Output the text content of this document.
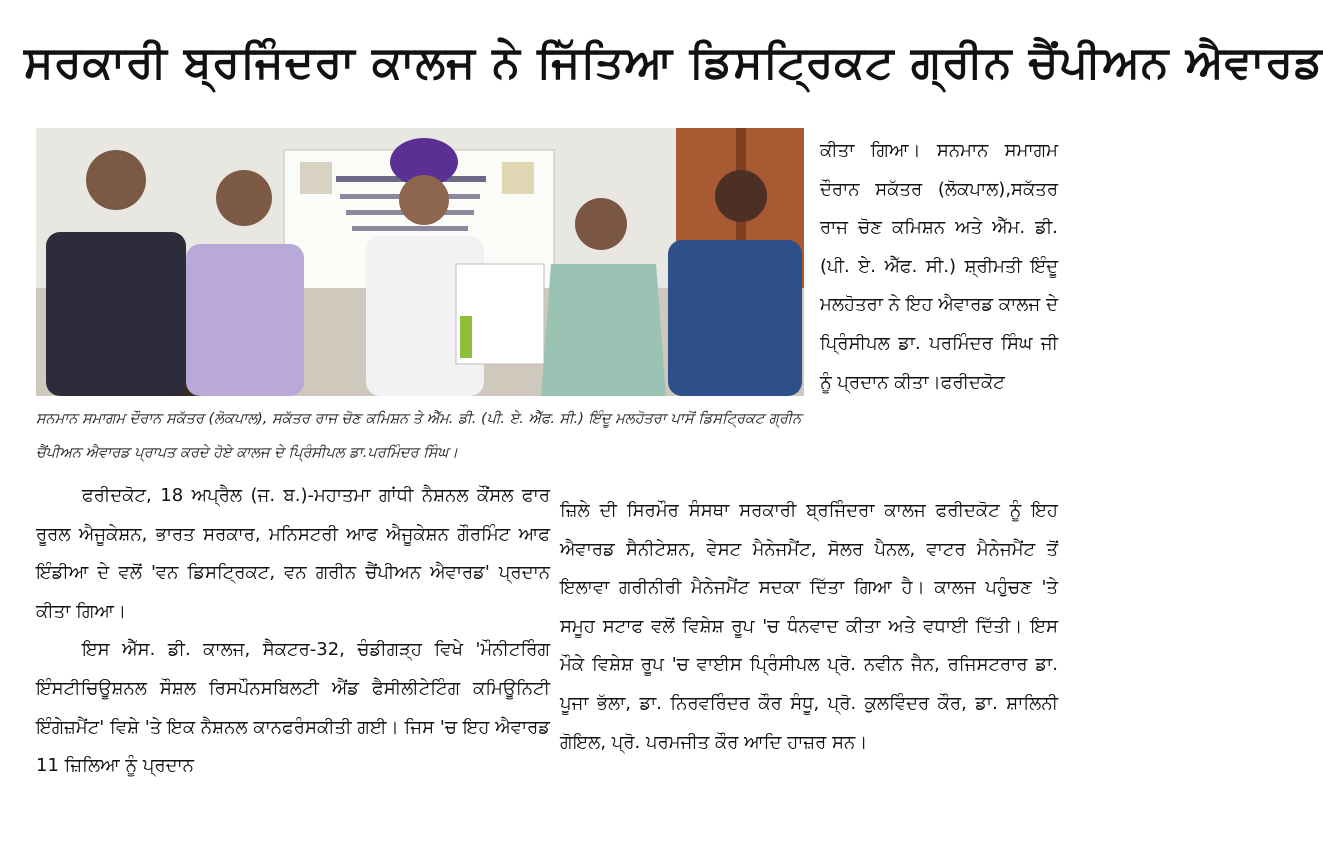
ਸਰਕਾਰੀ ਬ੍ਰਜਿੰਦਰਾ ਕਾਲਜ ਨੇ ਜਿੱਤਿਆ ਡਿਸਟ੍ਰਿਕਟ ਗ੍ਰੀਨ ਚੈਂਪੀਅਨ ਐਵਾਰਡ
ਸਨਮਾਨ ਸਮਾਗਮ ਦੌਰਾਨ ਸਕੱਤਰ (ਲੋਕਪਾਲ), ਸਕੱਤਰ ਰਾਜ ਚੋਣ ਕਮਿਸ਼ਨ ਤੇ ਐੱਮ. ਡੀ. (ਪੀ. ਏ. ਐੱਫ. ਸੀ.) ਇੰਦੂ ਮਲਹੋਤਰਾ ਪਾਸੋਂ ਡਿਸਟ੍ਰਿਕਟ ਗ੍ਰੀਨ ਚੈਂਪੀਅਨ ਐਵਾਰਡ ਪ੍ਰਾਪਤ ਕਰਦੇ ਹੋਏ ਕਾਲਜ ਦੇ ਪ੍ਰਿੰਸੀਪਲ ਡਾ.ਪਰਮਿੰਦਰ ਸਿੰਘ।

ਕੀਤਾ ਗਿਆ। ਸਨਮਾਨ ਸਮਾਗਮ ਦੌਰਾਨ ਸਕੱਤਰ (ਲੋਕਪਾਲ),ਸਕੱਤਰ ਰਾਜ ਚੋਣ ਕਮਿਸ਼ਨ ਅਤੇ ਐੱਮ. ਡੀ. (ਪੀ. ਏ. ਐੱਫ. ਸੀ.) ਸ਼੍ਰੀਮਤੀ ਇੰਦੂ ਮਲਹੋਤਰਾ ਨੇ ਇਹ ਐਵਾਰਡ ਕਾਲਜ ਦੇ ਪ੍ਰਿੰਸੀਪਲ ਡਾ. ਪਰਮਿੰਦਰ ਸਿੰਘ ਜੀ ਨੂੰ ਪ੍ਰਦਾਨ ਕੀਤਾ।ਫਰੀਦਕੋਟ

ਫਰੀਦਕੋਟ, 18 ਅਪ੍ਰੈਲ (ਜ. ਬ.)-ਮਹਾਤਮਾ ਗਾਂਧੀ ਨੈਸ਼ਨਲ ਕੌਂਸਲ ਫਾਰ ਰੂਰਲ ਐਜੂਕੇਸ਼ਨ, ਭਾਰਤ ਸਰਕਾਰ, ਮਨਿਸਟਰੀ ਆਫ ਐਜੂਕੇਸ਼ਨ ਗੌਰਮਿੰਟ ਆਫ ਇੰਡੀਆ ਦੇ ਵਲੋਂ 'ਵਨ ਡਿਸਟ੍ਰਿਕਟ, ਵਨ ਗਰੀਨ ਚੈਂਪੀਅਨ ਐਵਾਰਡ' ਪ੍ਰਦਾਨ ਕੀਤਾ ਗਿਆ।

ਇਸ ਐੱਸ. ਡੀ. ਕਾਲਜ, ਸੈਕਟਰ-32, ਚੰਡੀਗੜ੍ਹ ਵਿਖੇ 'ਮੌਨੀਟਰਿੰਗ ਇੰਸਟੀਚਿਊਸ਼ਨਲ ਸੌਸ਼ਲ ਰਿਸਪੌਨਸਬਿਲਟੀ ਐਂਡ ਫੈਸੀਲੀਟੇਟਿੰਗ ਕਮਿਊਨਿਟੀ ਇੰਗੇਜ਼ਮੈਂਟ' ਵਿਸ਼ੇ 'ਤੇ ਇਕ ਨੈਸ਼ਨਲ ਕਾਨਫਰੰਸਕੀਤੀ ਗਈ। ਜਿਸ 'ਚ ਇਹ ਐਵਾਰਡ 11 ਜ਼ਿਲਿਆ ਨੂੰ ਪ੍ਰਦਾਨ

ਜ਼ਿਲੇ ਦੀ ਸਿਰਮੌਰ ਸੰਸਥਾ ਸਰਕਾਰੀ ਬ੍ਰਜਿੰਦਰਾ ਕਾਲਜ ਫਰੀਦਕੋਟ ਨੂੰ ਇਹ ਐਵਾਰਡ ਸੈਨੀਟੇਸ਼ਨ, ਵੇਸਟ ਮੈਨੇਜਮੈਂਟ, ਸੋਲਰ ਪੈਨਲ, ਵਾਟਰ ਮੈਨੇਜਮੈਂਟ ਤੋਂ ਇਲਾਵਾ ਗਰੀਨੀਰੀ ਮੈਨੇਜਮੈਂਟ ਸਦਕਾ ਦਿੱਤਾ ਗਿਆ ਹੈ। ਕਾਲਜ ਪਹੁੰਚਣ 'ਤੇ ਸਮੂਹ ਸਟਾਫ ਵਲੋਂ ਵਿਸ਼ੇਸ਼ ਰੂਪ 'ਚ ਧੰਨਵਾਦ ਕੀਤਾ ਅਤੇ ਵਧਾਈ ਦਿੱਤੀ। ਇਸ ਮੌਕੇ ਵਿਸ਼ੇਸ਼ ਰੂਪ 'ਚ ਵਾਈਸ ਪ੍ਰਿੰਸੀਪਲ ਪ੍ਰੋ. ਨਵੀਨ ਜੈਨ, ਰਜਿਸਟਰਾਰ ਡਾ. ਪੂਜਾ ਭੱਲਾ, ਡਾ. ਨਿਰਵਰਿੰਦਰ ਕੌਰ ਸੰਧੂ, ਪ੍ਰੋ. ਕੁਲਵਿੰਦਰ ਕੌਰ, ਡਾ. ਸ਼ਾਲਿਨੀ ਗੋਇਲ, ਪ੍ਰੋ. ਪਰਮਜੀਤ ਕੌਰ ਆਦਿ ਹਾਜ਼ਰ ਸਨ।
